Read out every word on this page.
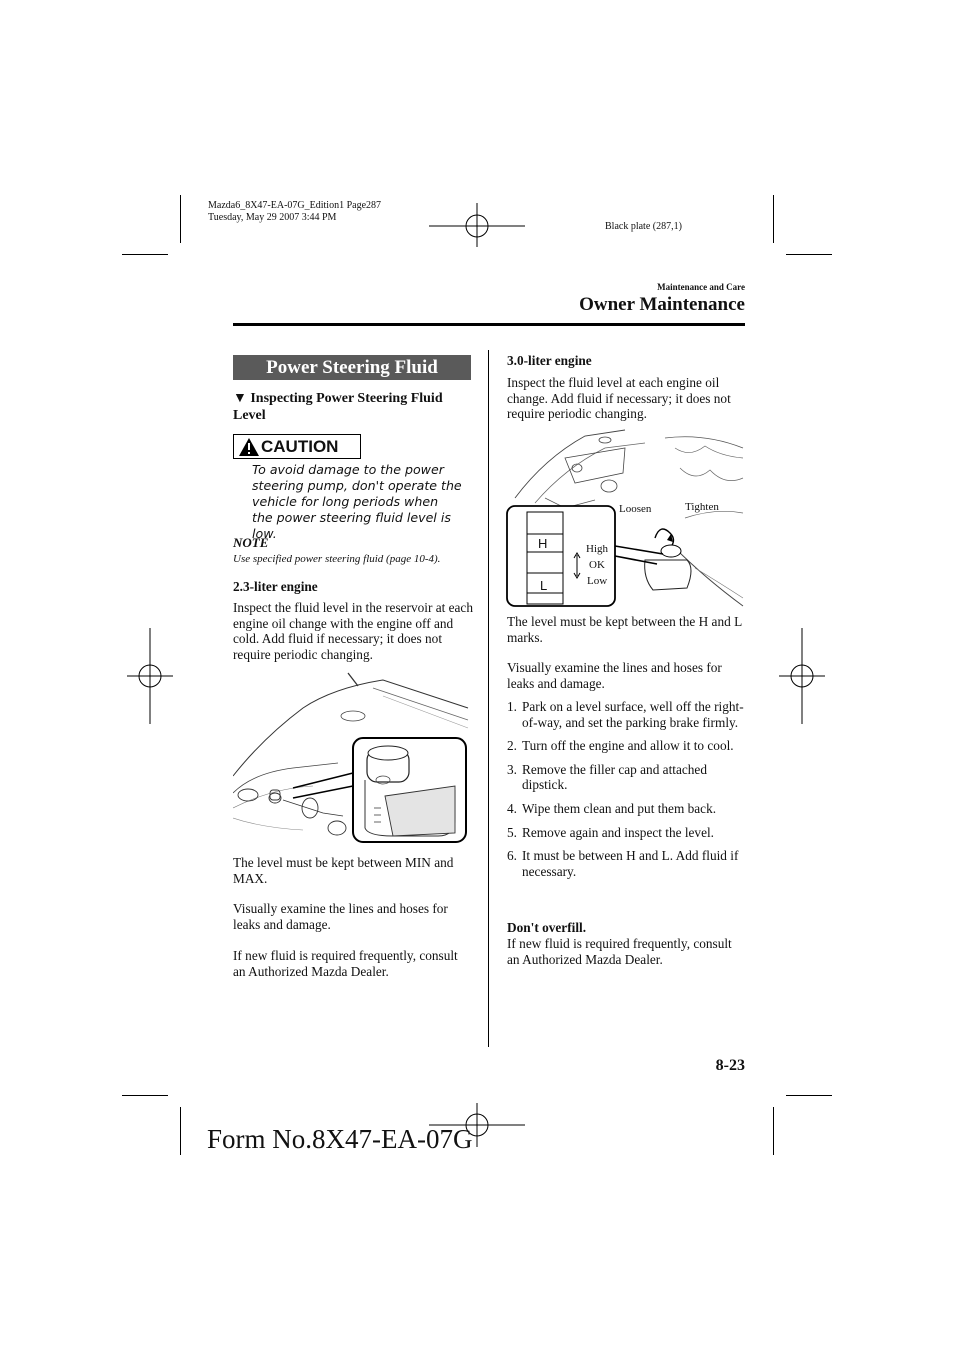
Mazda6_8X47-EA-07G_Edition1 Page287
Tuesday, May 29 2007 3:44 PM
Black plate (287,1)
Maintenance and Care
Owner Maintenance
Power Steering Fluid
▼ Inspecting Power Steering Fluid Level
CAUTION
To avoid damage to the power steering pump, don't operate the vehicle for long periods when the power steering fluid level is low.
NOTE
Use specified power steering fluid (page 10-4).
2.3-liter engine
Inspect the fluid level in the reservoir at each engine oil change with the engine off and cold. Add fluid if necessary; it does not require periodic changing.
The level must be kept between MIN and MAX.
Visually examine the lines and hoses for leaks and damage.
If new fluid is required frequently, consult an Authorized Mazda Dealer.
3.0-liter engine
Inspect the fluid level at each engine oil change. Add fluid if necessary; it does not require periodic changing.
Loosen	Tighten
H
L
High
OK
Low
The level must be kept between the H and L marks.
Visually examine the lines and hoses for leaks and damage.
1. Park on a level surface, well off the right-of-way, and set the parking brake firmly.
2. Turn off the engine and allow it to cool.
3. Remove the filler cap and attached dipstick.
4. Wipe them clean and put them back.
5. Remove again and inspect the level.
6. It must be between H and L. Add fluid if necessary.
Don't overfill.
If new fluid is required frequently, consult an Authorized Mazda Dealer.
8-23
Form No.8X47-EA-07G
